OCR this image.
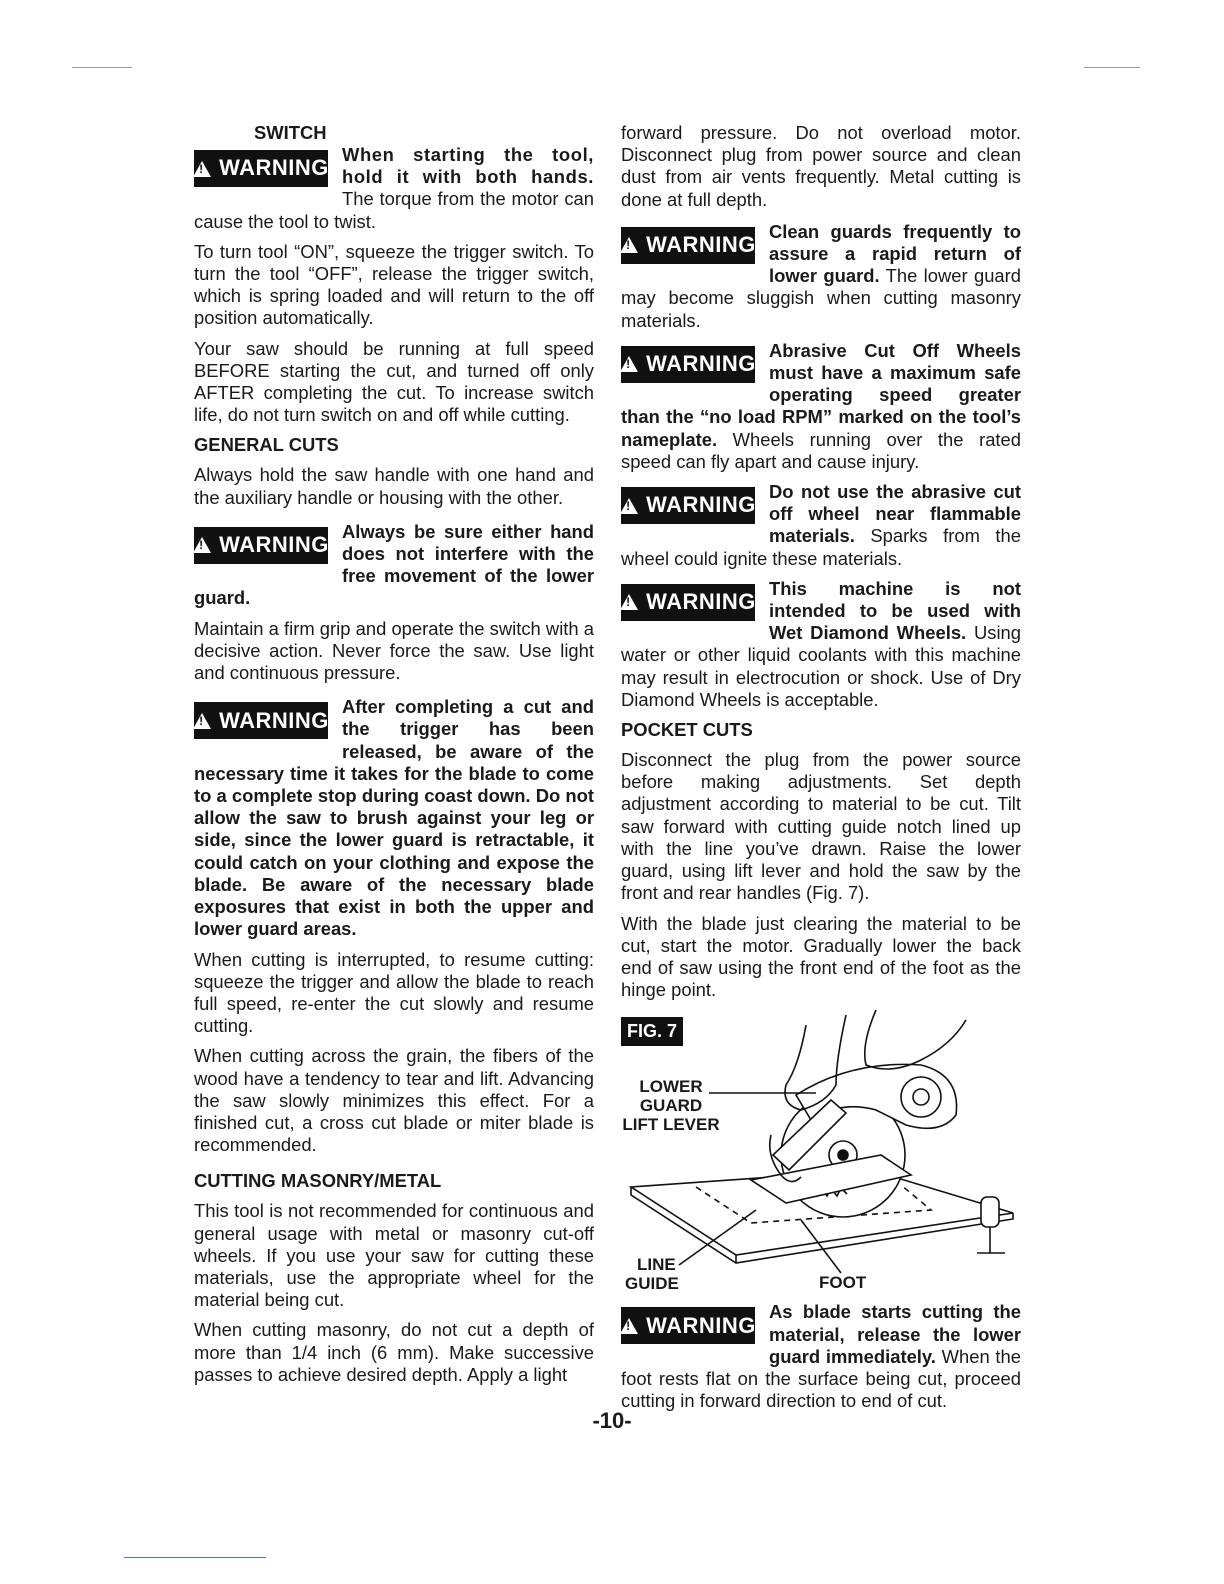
SWITCH

!
WARNING
When starting the tool, hold it with both hands. The torque from the motor can cause the tool to twist.

To turn tool “ON”, squeeze the trigger switch. To turn the tool “OFF”, release the trigger switch, which is spring loaded and will return to the off position automatically.

Your saw should be running at full speed BEFORE starting the cut, and turned off only AFTER completing the cut. To increase switch life, do not turn switch on and off while cutting.

GENERAL CUTS

Always hold the saw handle with one hand and the auxiliary handle or housing with the other.

!
WARNING
Always be sure either hand does not interfere with the free movement of the lower guard.

Maintain a firm grip and operate the switch with a decisive action. Never force the saw. Use light and continuous pressure.

!
WARNING
After completing a cut and the trigger has been released, be aware of the necessary time it takes for the blade to come to a complete stop during coast down. Do not allow the saw to brush against your leg or side, since the lower guard is retractable, it could catch on your clothing and expose the blade. Be aware of the necessary blade exposures that exist in both the upper and lower guard areas.

When cutting is interrupted, to resume cutting: squeeze the trigger and allow the blade to reach full speed, re-enter the cut slowly and resume cutting.

When cutting across the grain, the fibers of the wood have a tendency to tear and lift. Advancing the saw slowly minimizes this effect. For a finished cut, a cross cut blade or miter blade is recommended.

CUTTING MASONRY/METAL

This tool is not recommended for continuous and general usage with metal or masonry cut-off wheels. If you use your saw for cutting these materials, use the appropriate wheel for the material being cut.

When cutting masonry, do not cut a depth of more than 1/4 inch (6 mm). Make successive passes to achieve desired depth. Apply a light

forward pressure. Do not overload motor. Disconnect plug from power source and clean dust from air vents frequently. Metal cutting is done at full depth.

!
WARNING
Clean guards frequently to assure a rapid return of lower guard. The lower guard may become sluggish when cutting masonry materials.
!
WARNING
Abrasive Cut Off Wheels must have a maximum safe operating speed greater than the “no load RPM” marked on the tool’s nameplate. Wheels running over the rated speed can fly apart and cause injury.
!
WARNING
Do not use the abrasive cut off wheel near flammable materials. Sparks from the wheel could ignite these materials.
!
WARNING
This machine is not intended to be used with Wet Diamond Wheels. Using water or other liquid coolants with this machine may result in electrocution or shock. Use of Dry Diamond Wheels is acceptable.

POCKET CUTS

Disconnect the plug from the power source before making adjustments. Set depth adjustment according to material to be cut. Tilt saw forward with cutting guide notch lined up with the line you’ve drawn. Raise the lower guard, using lift lever and hold the saw by the front and rear handles (Fig. 7).

With the blade just clearing the material to be cut, start the motor. Gradually lower the back end of saw using the front end of the foot as the hinge point.

FIG. 7
LOWER
GUARD
LIFT LEVER
LINE
GUIDE	FOOT
!
WARNING
As blade starts cutting the material, release the lower guard immediately. When the foot rests flat on the surface being cut, proceed cutting in forward direction to end of cut.
-10-
